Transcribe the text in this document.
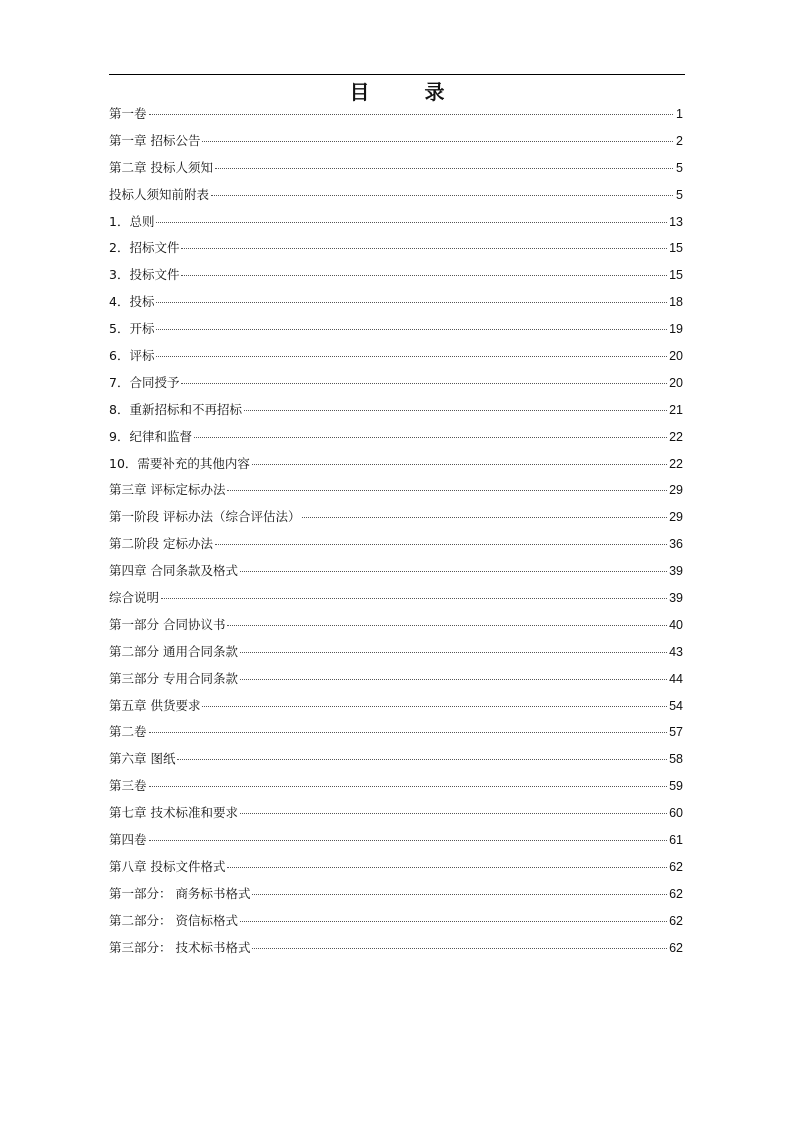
目 录
第一卷	1
第一章 招标公告	2
第二章 投标人须知	5
投标人须知前附表	5
1．总则	13
2．招标文件	15
3．投标文件	15
4．投标	18
5．开标	19
6．评标	20
7．合同授予	20
8．重新招标和不再招标	21
9．纪律和监督	22
10．需要补充的其他内容	22
第三章 评标定标办法	29
第一阶段 评标办法（综合评估法）	29
第二阶段 定标办法	36
第四章 合同条款及格式	39
综合说明	39
第一部分 合同协议书	40
第二部分 通用合同条款	43
第三部分 专用合同条款	44
第五章 供货要求	54
第二卷	57
第六章 图纸	58
第三卷	59
第七章 技术标准和要求	60
第四卷	61
第八章 投标文件格式	62
第一部分： 商务标书格式	62
第二部分： 资信标格式	62
第三部分： 技术标书格式	62
